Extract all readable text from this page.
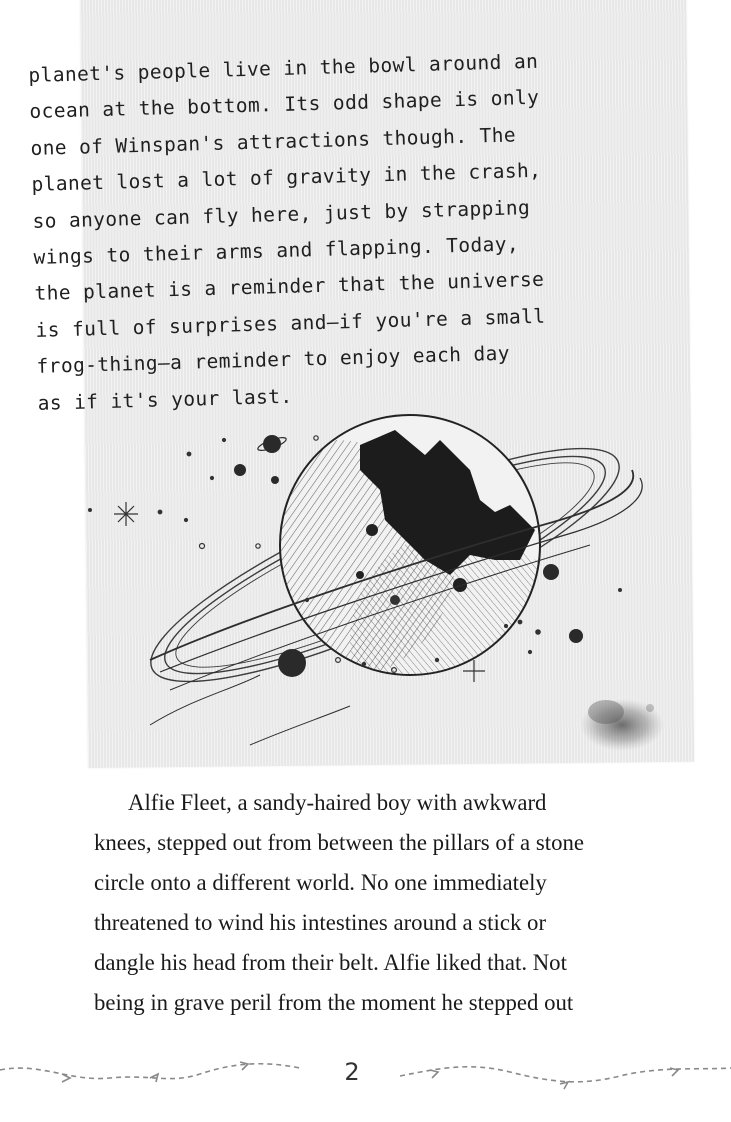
planet's people live in the bowl around an
ocean at the bottom. Its odd shape is only
one of Winspan's attractions though. The
planet lost a lot of gravity in the crash,
so anyone can fly here, just by strapping
wings to their arms and flapping. Today,
the planet is a reminder that the universe
is full of surprises and—if you're a small
frog-thing—a reminder to enjoy each day
as if it's your last.

Alfie Fleet, a sandy-haired boy with awkward
knees, stepped out from between the pillars of a stone
circle onto a different world. No one immediately
threatened to wind his intestines around a stick or
dangle his head from their belt. Alfie liked that. Not
being in grave peril from the moment he stepped out

2
